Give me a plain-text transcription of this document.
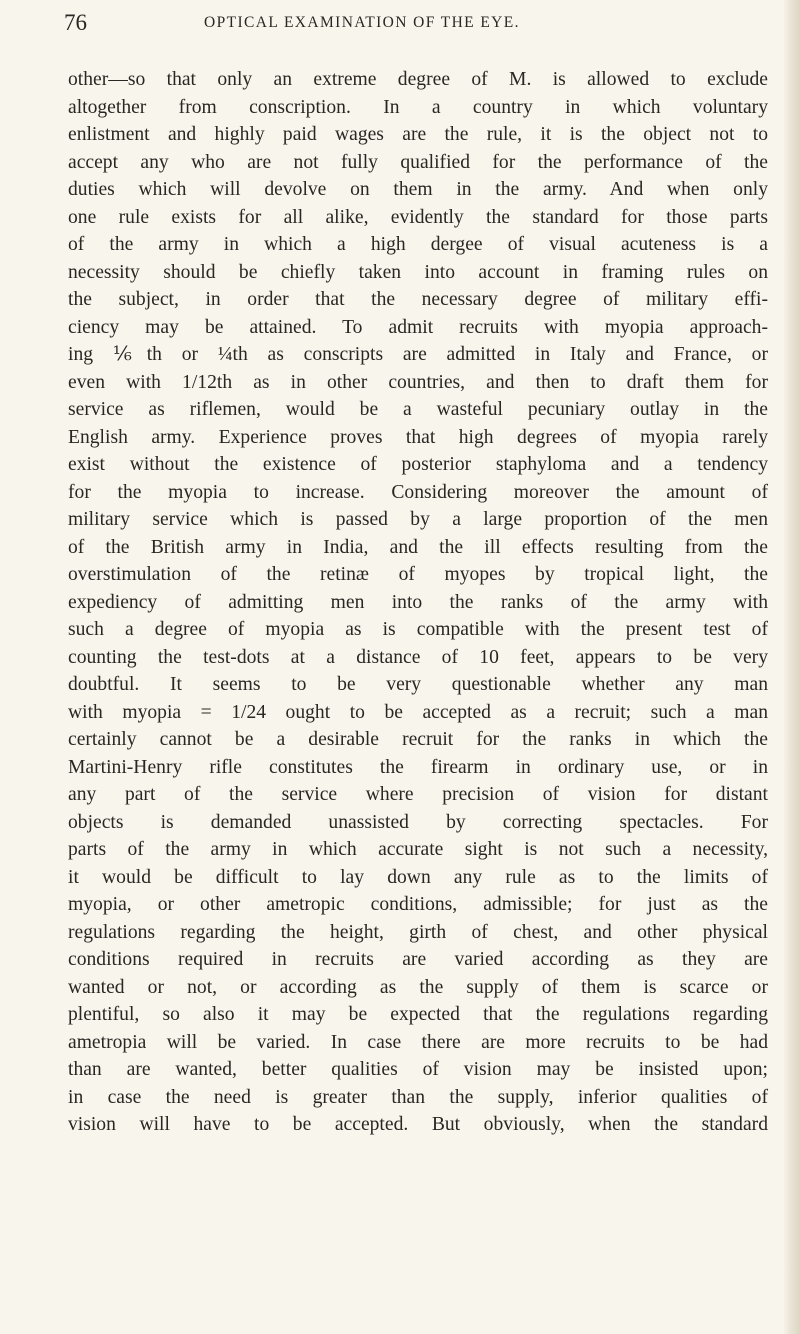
76	OPTICAL EXAMINATION OF THE EYE.
other—so that only an extreme degree of M. is allowed to exclude
altogether from conscription. In a country in which voluntary
enlistment and highly paid wages are the rule, it is the object not to
accept any who are not fully qualified for the performance of the
duties which will devolve on them in the army. And when only
one rule exists for all alike, evidently the standard for those parts
of the army in which a high dergee of visual acuteness is a
necessity should be chiefly taken into account in framing rules on
the subject, in order that the necessary degree of military effi-
ciency may be attained. To admit recruits with myopia approach-
ing ⅙th or ¼th as conscripts are admitted in Italy and France, or
even with 1/12th as in other countries, and then to draft them for
service as riflemen, would be a wasteful pecuniary outlay in the
English army. Experience proves that high degrees of myopia rarely
exist without the existence of posterior staphyloma and a tendency
for the myopia to increase. Considering moreover the amount of
military service which is passed by a large proportion of the men
of the British army in India, and the ill effects resulting from the
overstimulation of the retinæ of myopes by tropical light, the
expediency of admitting men into the ranks of the army with
such a degree of myopia as is compatible with the present test of
counting the test-dots at a distance of 10 feet, appears to be very
doubtful. It seems to be very questionable whether any man
with myopia = 1/24 ought to be accepted as a recruit; such a man
certainly cannot be a desirable recruit for the ranks in which the
Martini-Henry rifle constitutes the firearm in ordinary use, or in
any part of the service where precision of vision for distant
objects is demanded unassisted by correcting spectacles. For
parts of the army in which accurate sight is not such a necessity,
it would be difficult to lay down any rule as to the limits of
myopia, or other ametropic conditions, admissible; for just as the
regulations regarding the height, girth of chest, and other physical
conditions required in recruits are varied according as they are
wanted or not, or according as the supply of them is scarce or
plentiful, so also it may be expected that the regulations regarding
ametropia will be varied. In case there are more recruits to be had
than are wanted, better qualities of vision may be insisted upon;
in case the need is greater than the supply, inferior qualities of
vision will have to be accepted. But obviously, when the standard
